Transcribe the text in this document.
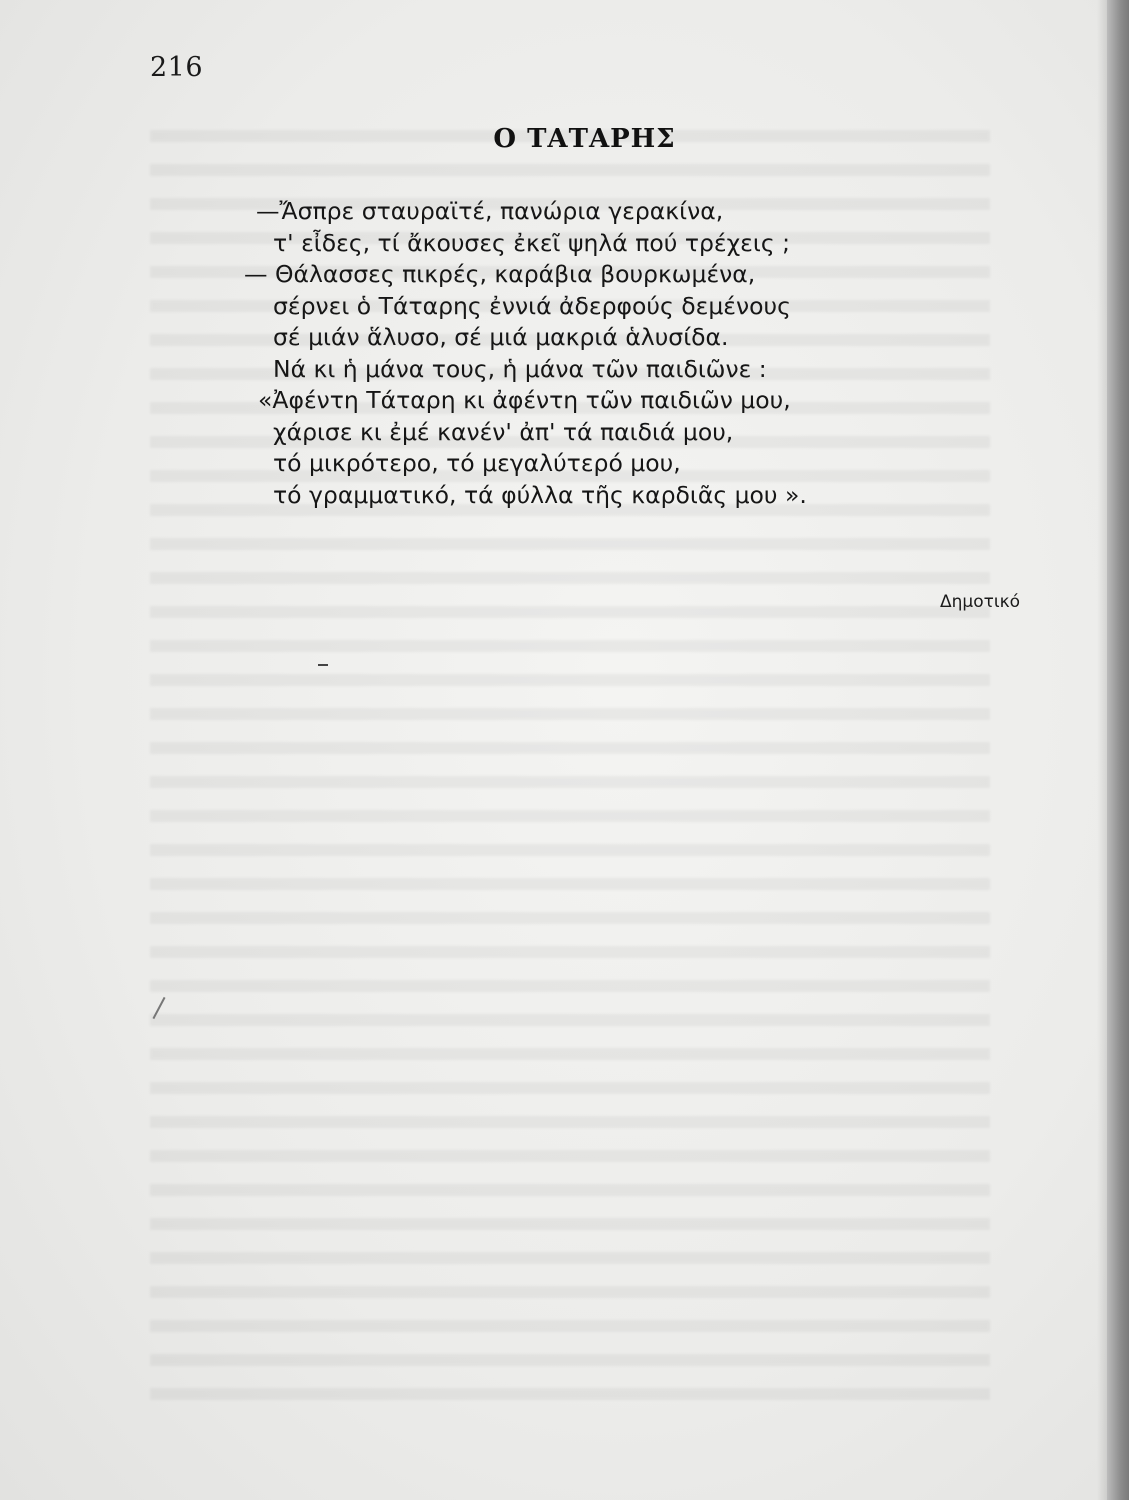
216
Ο ΤΑΤΑΡΗΣ
—Ἄσπρε σταυραϊτέ, πανώρια γερακίνα,
τ' εἶδες, τί ἄκουσες ἐκεῖ ψηλά πού τρέχεις ;
— Θάλασσες πικρές, καράβια βουρκωμένα,
σέρνει ὁ Τάταρης ἐννιά ἀδερφούς δεμένους
σέ μιάν ἅλυσο, σέ μιά μακριά ἁλυσίδα.
Νά κι ἡ μάνα τους, ἡ μάνα τῶν παιδιῶνε :
«Ἀφέντη Τάταρη κι ἀφέντη τῶν παιδιῶν μου,
χάρισε κι ἐμέ κανέν' ἀπ' τά παιδιά μου,
τό μικρότερο, τό μεγαλύτερό μου,
τό γραμματικό, τά φύλλα τῆς καρδιᾶς μου ».
Δημοτικό
